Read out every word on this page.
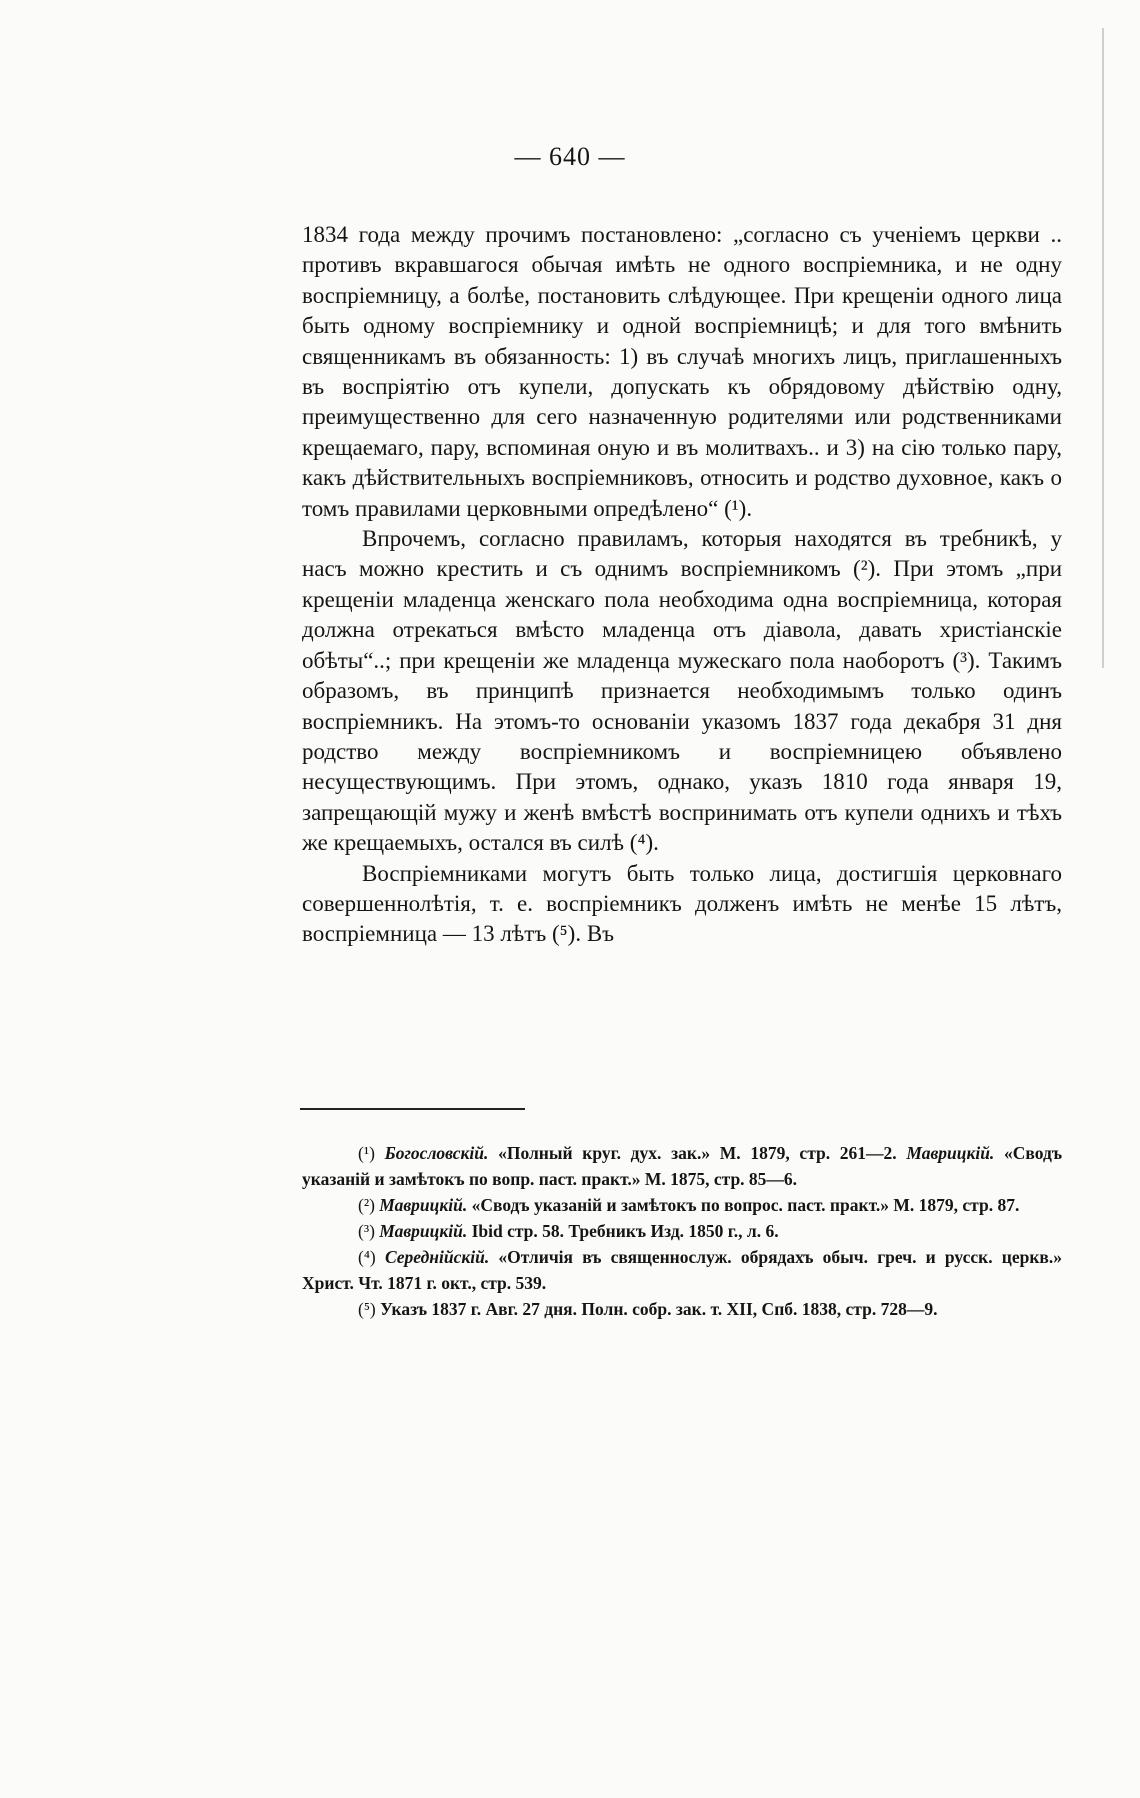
— 640 —

1834 года между прочимъ постановлено: „согласно съ ученіемъ церкви .. противъ вкравшагося обычая имѣть не одного воспріемника, и не одну воспріемницу, а болѣе, постановить слѣдующее. При крещеніи одного лица быть одному воспріемнику и одной воспріемницѣ; и для того вмѣнить священникамъ въ обязанность: 1) въ случаѣ многихъ лицъ, приглашенныхъ въ воспріятію отъ купели, допускать къ обрядовому дѣйствію одну, преимущественно для сего назначенную родителями или родственниками крещаемаго, пару, вспоминая оную и въ молитвахъ.. и 3) на сію только пару, какъ дѣйствительныхъ воспріемниковъ, относить и родство духовное, какъ о томъ правилами церковными опредѣлено“ (¹).

Впрочемъ, согласно правиламъ, которыя находятся въ требникѣ, у насъ можно крестить и съ однимъ воспріемникомъ (²). При этомъ „при крещеніи младенца женскаго пола необходима одна воспріемница, которая должна отрекаться вмѣсто младенца отъ діавола, давать христіанскіе обѣты“..; при крещеніи же младенца мужескаго пола наоборотъ (³). Такимъ образомъ, въ принципѣ признается необходимымъ только одинъ воспріемникъ. На этомъ-то основаніи указомъ 1837 года декабря 31 дня родство между воспріемникомъ и воспріемницею объявлено несуществующимъ. При этомъ, однако, указъ 1810 года января 19, запрещающій мужу и женѣ вмѣстѣ воспринимать отъ купели однихъ и тѣхъ же крещаемыхъ, остался въ силѣ (⁴).

Воспріемниками могутъ быть только лица, достигшія церковнаго совершеннолѣтія, т. е. воспріемникъ долженъ имѣть не менѣе 15 лѣтъ, воспріемница — 13 лѣтъ (⁵). Въ

(¹) Богословскій. «Полный круг. дух. зак.» М. 1879, стр. 261—2. Маврицкій. «Сводъ указаній и замѣтокъ по вопр. паст. практ.» М. 1875, стр. 85—6.

(²) Маврицкій. «Сводъ указаній и замѣтокъ по вопрос. паст. практ.» М. 1879, стр. 87.

(³) Маврицкій. Ibid стр. 58. Требникъ Изд. 1850 г., л. 6.

(⁴) Середнійскій. «Отличія въ священнослуж. обрядахъ обыч. греч. и русск. церкв.» Христ. Чт. 1871 г. окт., стр. 539.

(⁵) Указъ 1837 г. Авг. 27 дня. Полн. собр. зак. т. XII, Спб. 1838, стр. 728—9.
